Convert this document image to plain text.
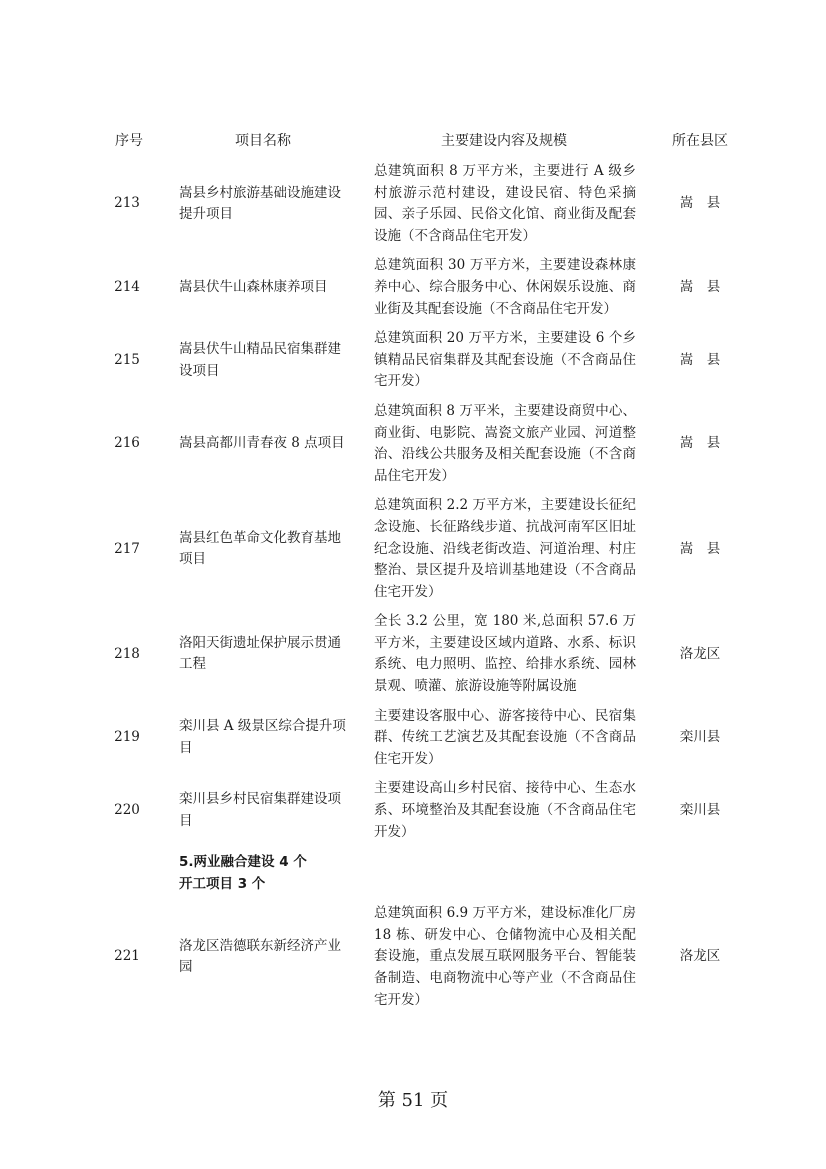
序号	项目名称	主要建设内容及规模	所在县区
213	嵩县乡村旅游基础设施建设提升项目	总建筑面积 8 万平方米，主要进行 A 级乡村旅游示范村建设，建设民宿、特色采摘园、亲子乐园、民俗文化馆、商业街及配套设施（不含商品住宅开发）	嵩　县
214	嵩县伏牛山森林康养项目	总建筑面积 30 万平方米，主要建设森林康养中心、综合服务中心、休闲娱乐设施、商业街及其配套设施（不含商品住宅开发）	嵩　县
215	嵩县伏牛山精品民宿集群建设项目	总建筑面积 20 万平方米，主要建设 6 个乡镇精品民宿集群及其配套设施（不含商品住宅开发）	嵩　县
216	嵩县高都川青春夜 8 点项目	总建筑面积 8 万平米，主要建设商贸中心、商业街、电影院、嵩瓷文旅产业园、河道整治、沿线公共服务及相关配套设施（不含商品住宅开发）	嵩　县
217	嵩县红色革命文化教育基地项目	总建筑面积 2.2 万平方米，主要建设长征纪念设施、长征路线步道、抗战河南军区旧址纪念设施、沿线老街改造、河道治理、村庄整治、景区提升及培训基地建设（不含商品住宅开发）	嵩　县
218	洛阳天街遗址保护展示贯通工程	全长 3.2 公里，宽 180 米,总面积 57.6 万平方米，主要建设区域内道路、水系、标识系统、电力照明、监控、给排水系统、园林景观、喷灌、旅游设施等附属设施	洛龙区
219	栾川县 A 级景区综合提升项目	主要建设客服中心、游客接待中心、民宿集群、传统工艺演艺及其配套设施（不含商品住宅开发）	栾川县
220	栾川县乡村民宿集群建设项目	主要建设高山乡村民宿、接待中心、生态水系、环境整治及其配套设施（不含商品住宅开发）	栾川县

	5.两业融合建设 4 个
开工项目 3 个		

221	洛龙区浩德联东新经济产业园	总建筑面积 6.9 万平方米，建设标准化厂房 18 栋、研发中心、仓储物流中心及相关配套设施，重点发展互联网服务平台、智能装备制造、电商物流中心等产业（不含商品住宅开发）	洛龙区
第 51 页
